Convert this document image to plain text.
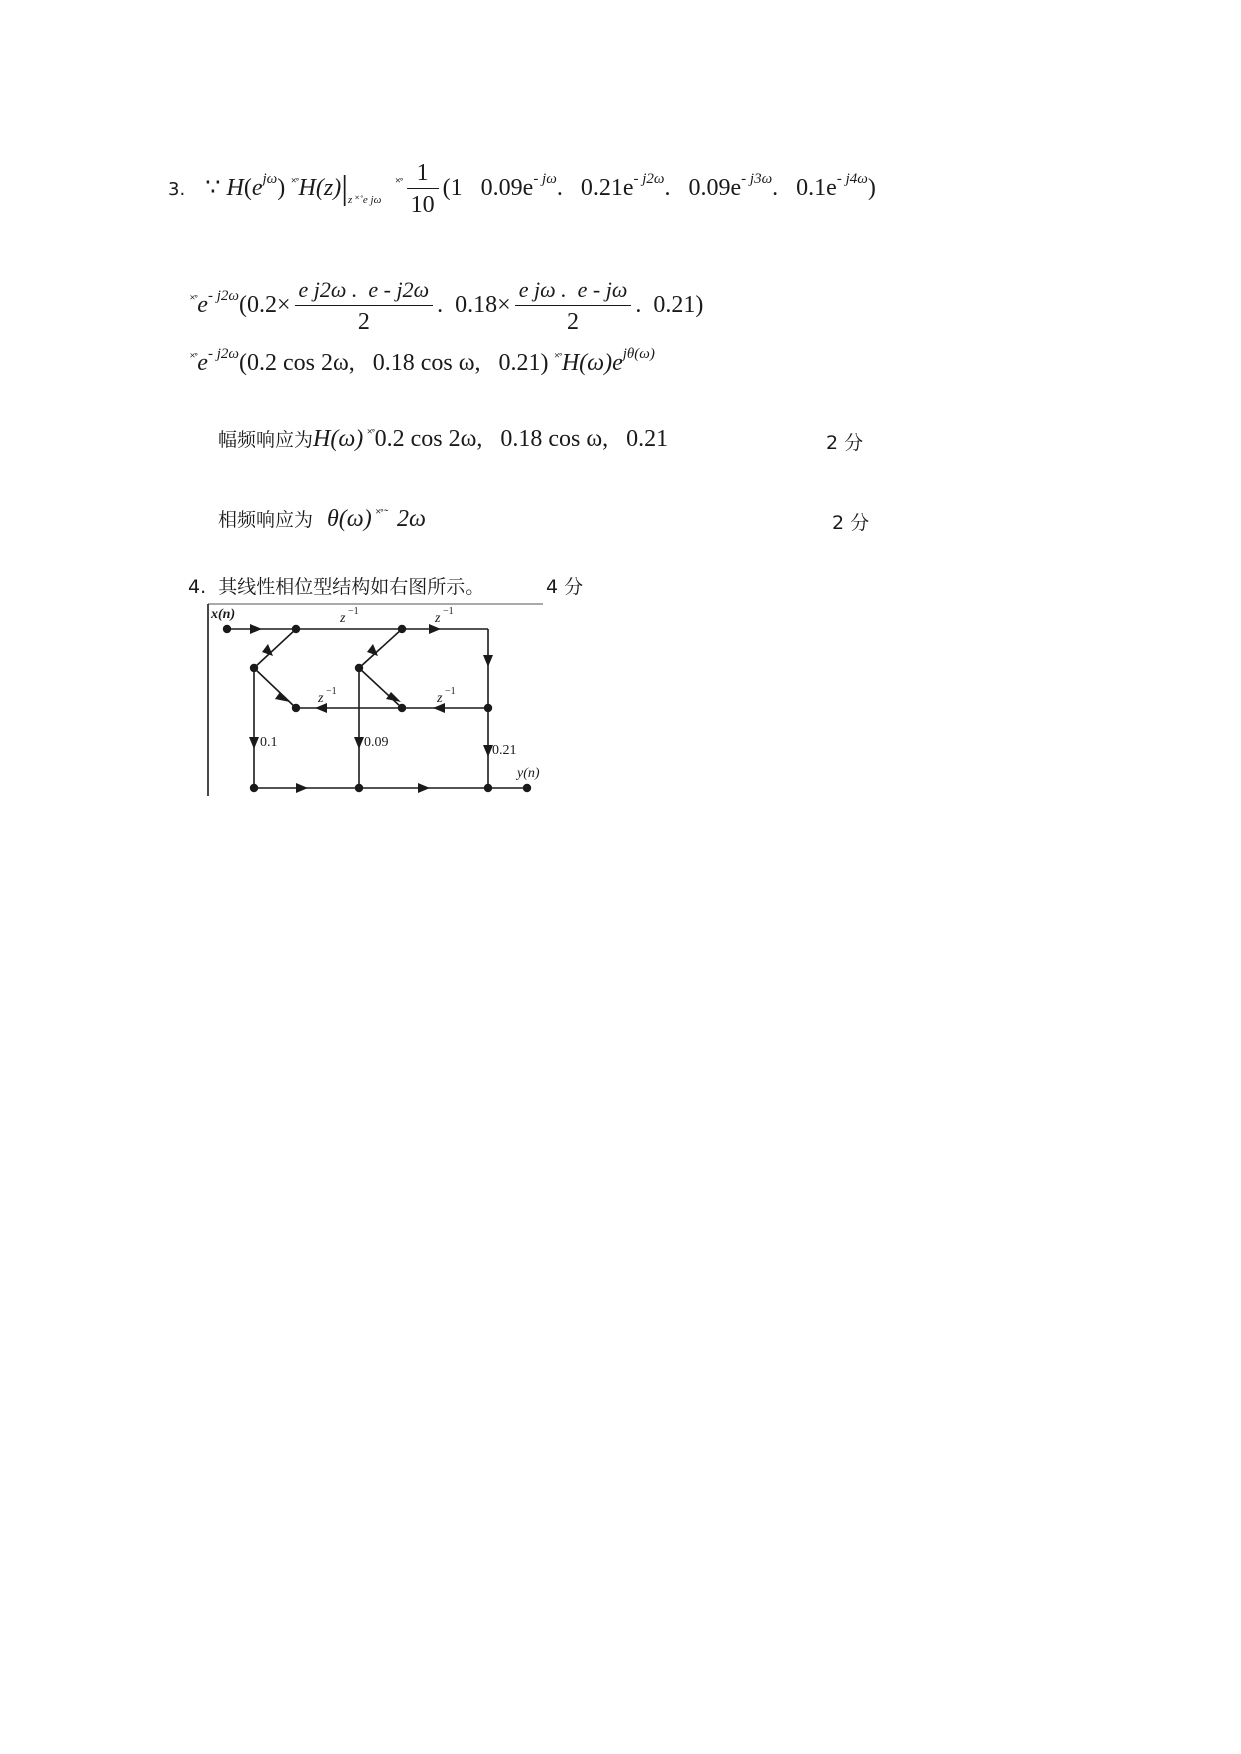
3. ∵ $H(e^{j\omega})$ $^{˟˚}H(z)|_{z ˟˚e j\omega}$ $^{˟˚} \frac{1}{10} (1$   $0.09e^{- j\omega}$.   $0.21e^{- j2\omega}$.   $0.09e^{- j3\omega}$.   $0.1e^{- j4\omega}$)
$^{˟˚}e^{- j2\omega}(0.2\times \frac{\text{e j2ω .  e - j2ω}}{2}$ .  $0.18\times \frac{\text{e jω .  e - jω}}{2}$ .  0.21)
$^{˟˚}e^{- j2\omega}(0.2$ cos 2ω,   0.18 cos ω,   0.21) $^{˟˚}H(\omega)e^{j\theta(\omega)}$
幅频响应为H(ω) ˟˚0.2 cos 2ω,   0.18 cos ω,   0.21	2 分
相频响应为 θ(ω) ˟˚̃ 2ω	2 分
4.  其线性相位型结构如右图所示。	4 分
x(n)
y(n)
z −1	z −1
z −1	z −1
0.1	0.09
0.21
